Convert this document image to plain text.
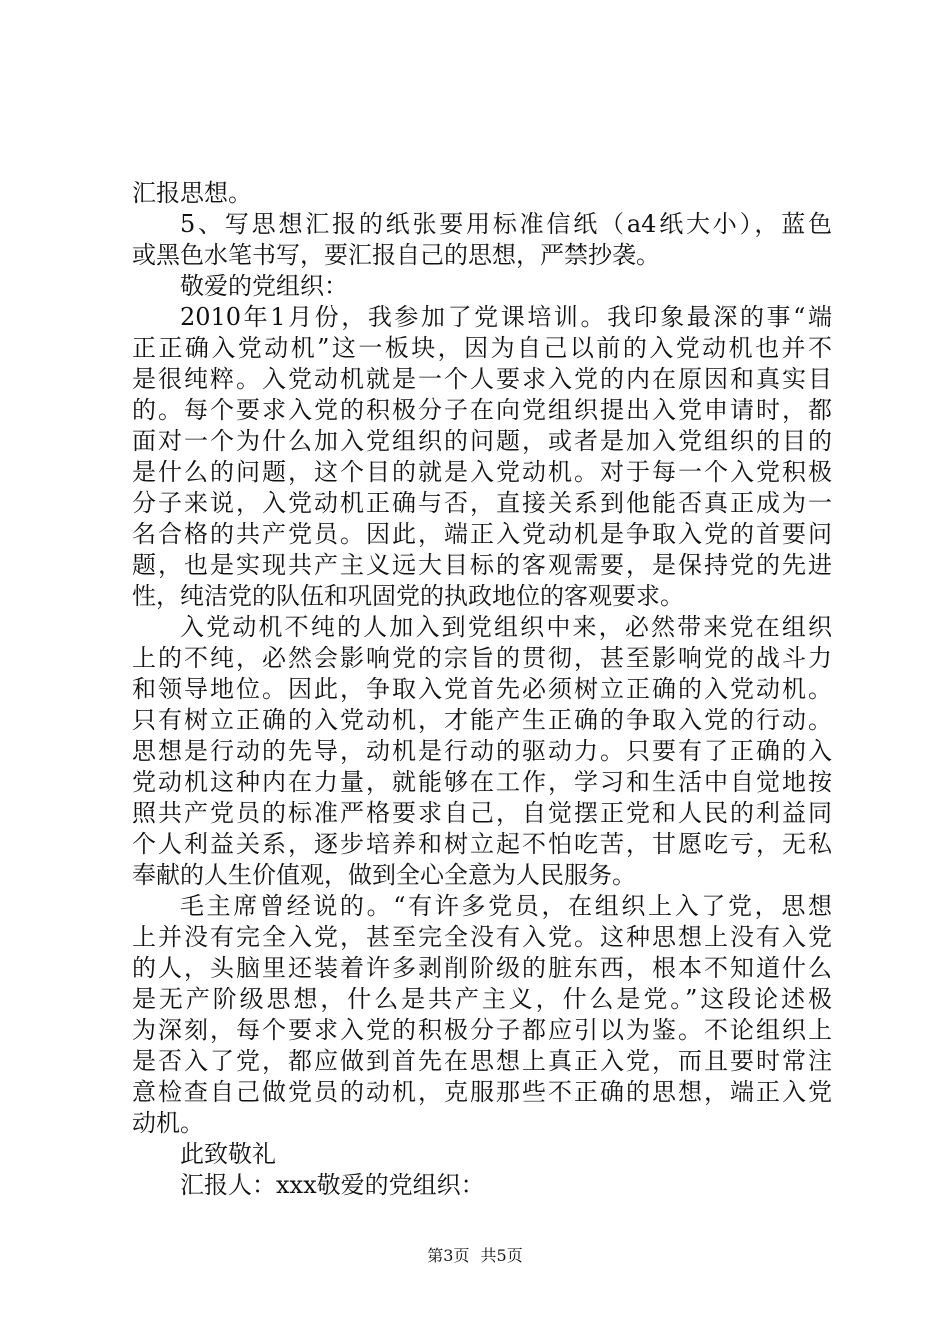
汇报思想。
5、写思想汇报的纸张要用标准信纸（a4纸大小），蓝色
或黑色水笔书写，要汇报自己的思想，严禁抄袭。
敬爱的党组织：
2010年1月份，我参加了党课培训。我印象最深的事“端
正正确入党动机”这一板块，因为自己以前的入党动机也并不
是很纯粹。入党动机就是一个人要求入党的内在原因和真实目
的。每个要求入党的积极分子在向党组织提出入党申请时，都
面对一个为什么加入党组织的问题，或者是加入党组织的目的
是什么的问题，这个目的就是入党动机。对于每一个入党积极
分子来说，入党动机正确与否，直接关系到他能否真正成为一
名合格的共产党员。因此，端正入党动机是争取入党的首要问
题，也是实现共产主义远大目标的客观需要，是保持党的先进
性，纯洁党的队伍和巩固党的执政地位的客观要求。
入党动机不纯的人加入到党组织中来，必然带来党在组织
上的不纯，必然会影响党的宗旨的贯彻，甚至影响党的战斗力
和领导地位。因此，争取入党首先必须树立正确的入党动机。
只有树立正确的入党动机，才能产生正确的争取入党的行动。
思想是行动的先导，动机是行动的驱动力。只要有了正确的入
党动机这种内在力量，就能够在工作，学习和生活中自觉地按
照共产党员的标准严格要求自己，自觉摆正党和人民的利益同
个人利益关系，逐步培养和树立起不怕吃苦，甘愿吃亏，无私
奉献的人生价值观，做到全心全意为人民服务。
毛主席曾经说的。“有许多党员，在组织上入了党，思想
上并没有完全入党，甚至完全没有入党。这种思想上没有入党
的人，头脑里还装着许多剥削阶级的脏东西，根本不知道什么
是无产阶级思想，什么是共产主义，什么是党。”这段论述极
为深刻，每个要求入党的积极分子都应引以为鉴。不论组织上
是否入了党，都应做到首先在思想上真正入党，而且要时常注
意检查自己做党员的动机，克服那些不正确的思想，端正入党
动机。
此致敬礼
汇报人：xxx敬爱的党组织：
第3页 共5页
